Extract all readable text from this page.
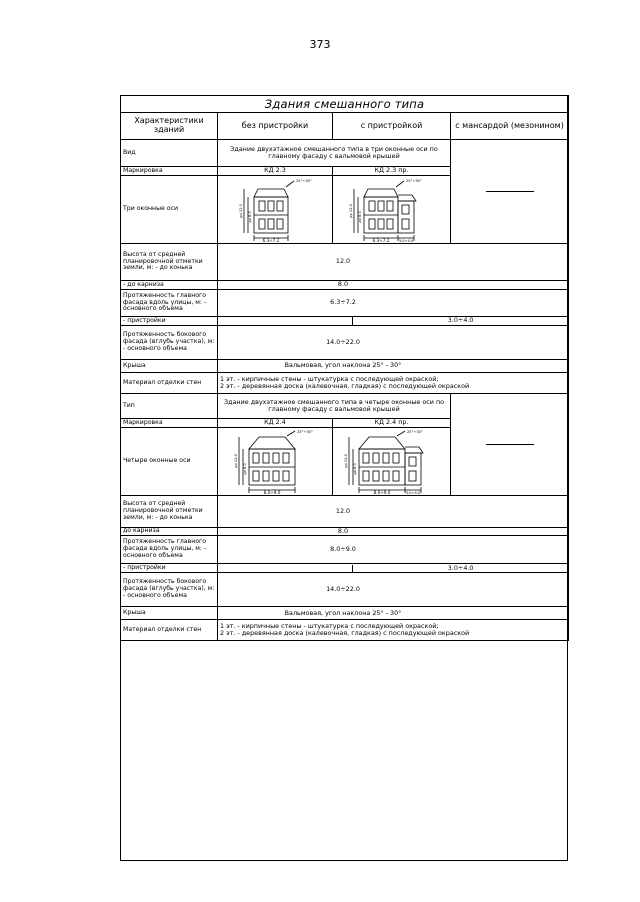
373
Здания смешанного типа			
Характеристики зданий	без пристройки	с пристройкой	с мансардой (мезонином)
Вид	Здание двухэтажное смешанного типа в три оконные оси по главному фасаду с вальмовой крышей		

Маркировка	КД 2.3	КД 2.3 пр.	
Три оконные оси	6.3÷7.2
до 12.0 до 8.0
25°÷30°	6.3÷7.2 3.0÷4.0
до 12.0 до 8.0
25°÷30°	

Высота от средней планировочной отметки земли, м: - до конька	12.0		
- до карниза	8.0		
Протяженность главного фасада вдоль улицы, м: - основного объема	6.3÷7.2		
- пристройки	3.0÷4.0		

Протяженность бокового фасада (вглубь участка), м: - основного объема	14.0÷22.0		
Крыша	Вальмовая, угол наклона 25° - 30°		
Материал отделки стен	1 эт. - кирпичные стены - штукатурка с последующей окраской;
2 эт. - деревянная доска (калевочная, гладкая) с последующей окраской		

Тип	Здание двухэтажное смешанного типа в четыре оконные оси по главному фасаду с вальмовой крышей		

Маркировка	КД 2.4	КД 2.4 пр.	
Четыре оконные оси	8.0÷9.0
до 12.0
до 8.0
25°÷30°	8.0÷9.0 3.0÷4.0
до 12.0
до 8.0
25°÷30°	

Высота от средней планировочной отметки земли, м: - до конька	12.0		
до карниза	8.0		
Протяженность главного фасада вдоль улицы, м: - основного объема	8.0÷9.0		
- пристройки	3.0÷4.0		

Протяженность бокового фасада (вглубь участка), м: - основного объема	14.0÷22.0		
Крыша	Вальмовая, угол наклона 25° - 30°		
Материал отделки стен	1 эт. - кирпичные стены - штукатурка с последующей окраской;
2 эт. - деревянная доска (калевочная, гладкая) с последующей окраской		
